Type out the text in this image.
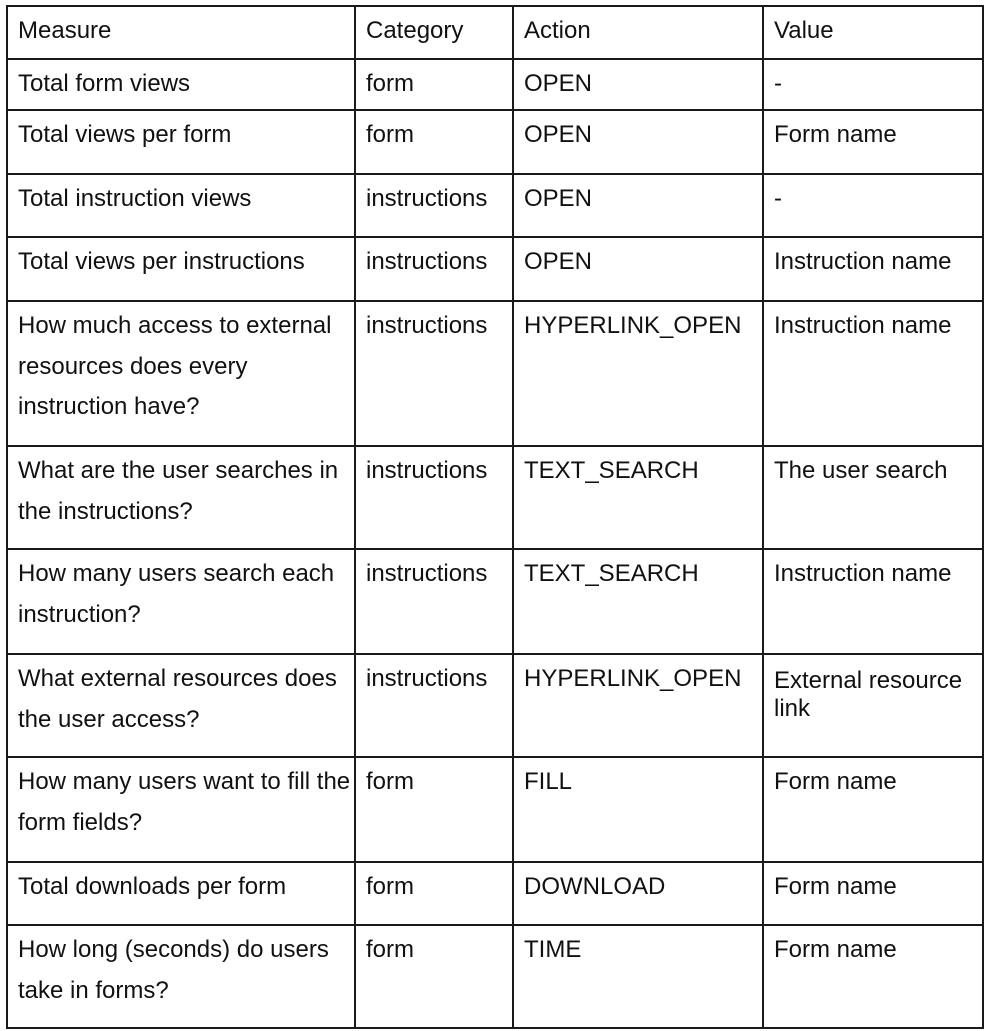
Measure	Category	Action	Value

Total form views	form	OPEN	-

Total views per form	form	OPEN	Form name

Total instruction views	instructions	OPEN	-

Total views per instructions	instructions	OPEN	Instruction name

How much access to external resources does every instruction have?	instructions	HYPERLINK_OPEN	Instruction name

What are the user searches in the instructions?	instructions	TEXT_SEARCH	The user search

How many users search each instruction?	instructions	TEXT_SEARCH	Instruction name

What external resources does the user access?	instructions	HYPERLINK_OPEN	External resource link

How many users want to fill the form fields?	form	FILL	Form name

Total downloads per form	form	DOWNLOAD	Form name

How long (seconds) do users take in forms?	form	TIME	Form name
